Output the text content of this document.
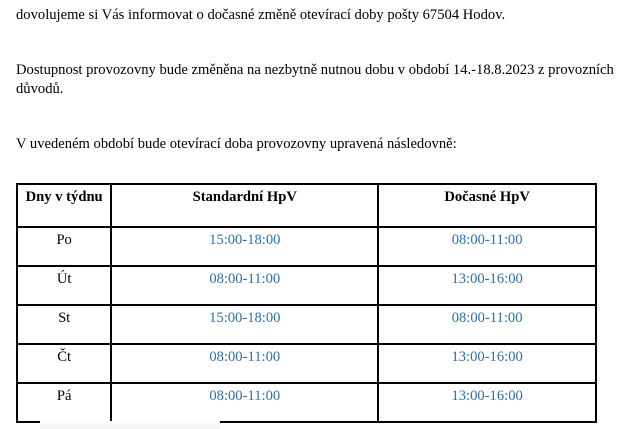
dovolujeme si Vás informovat o dočasné změně otevírací doby pošty 67504 Hodov.

Dostupnost provozovny bude změněna na nezbytně nutnou dobu v období 14.-18.8.2023 z provozních důvodů.

V uvedeném období bude otevírací doba provozovny upravená následovně:

Dny v týdnu	Standardní HpV	Dočasné HpV
Po	15:00-18:00	08:00-11:00
Út	08:00-11:00	13:00-16:00
St	15:00-18:00	08:00-11:00
Čt	08:00-11:00	13:00-16:00
Pá	08:00-11:00	13:00-16:00
